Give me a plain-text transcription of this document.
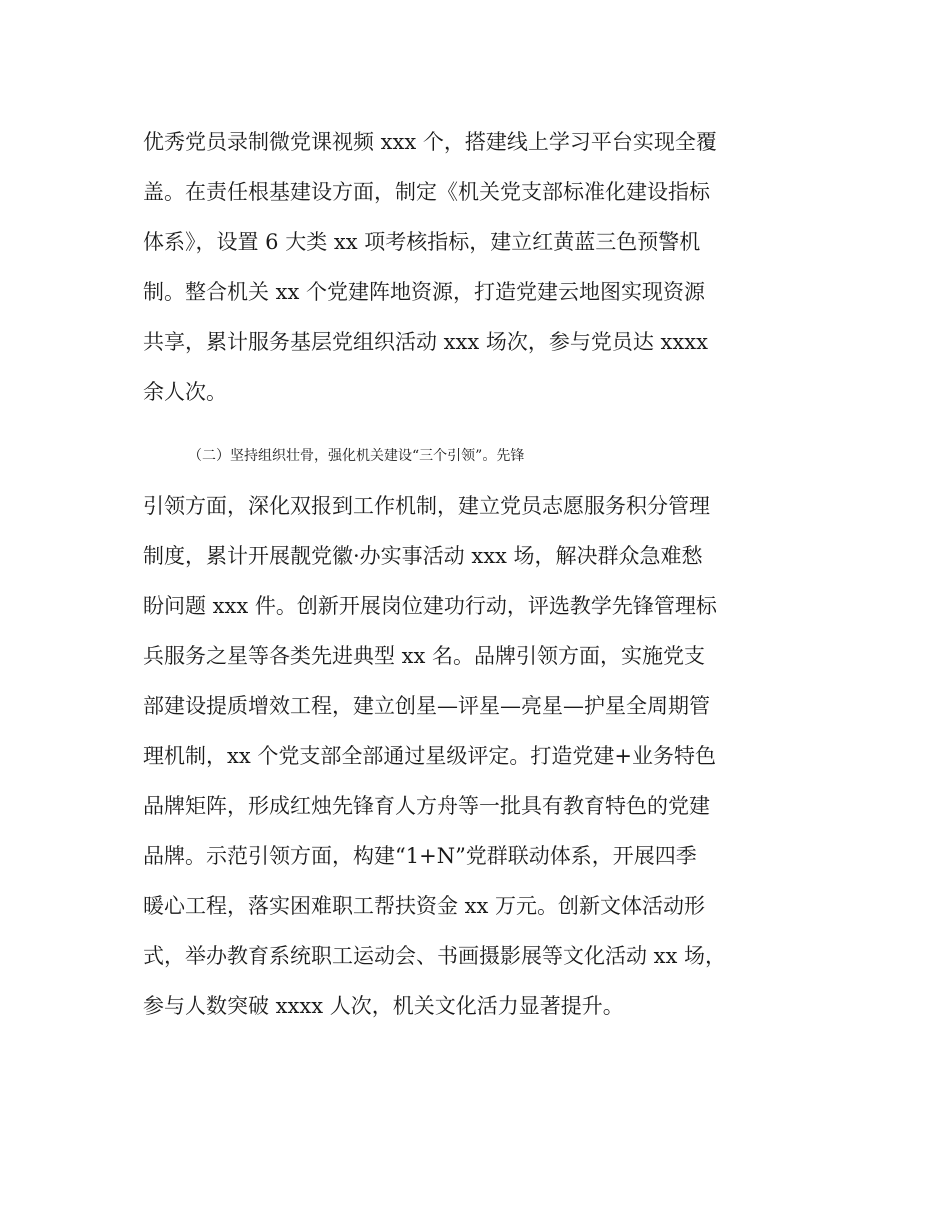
优秀党员录制微党课视频 xxx 个，搭建线上学习平台实现全覆
盖。在责任根基建设方面，制定《机关党支部标准化建设指标
体系》，设置 6 大类 xx 项考核指标，建立红黄蓝三色预警机
制。整合机关 xx 个党建阵地资源，打造党建云地图实现资源
共享，累计服务基层党组织活动 xxx 场次，参与党员达 xxxx
余人次。
（二）坚持组织壮骨，强化机关建设“三个引领”。先锋
引领方面，深化双报到工作机制，建立党员志愿服务积分管理
制度，累计开展靓党徽·办实事活动 xxx 场，解决群众急难愁
盼问题 xxx 件。创新开展岗位建功行动，评选教学先锋管理标
兵服务之星等各类先进典型 xx 名。品牌引领方面，实施党支
部建设提质增效工程，建立创星—评星—亮星—护星全周期管
理机制，xx 个党支部全部通过星级评定。打造党建+业务特色
品牌矩阵，形成红烛先锋育人方舟等一批具有教育特色的党建
品牌。示范引领方面，构建“1+N”党群联动体系，开展四季
暖心工程，落实困难职工帮扶资金 xx 万元。创新文体活动形
式，举办教育系统职工运动会、书画摄影展等文化活动 xx 场，
参与人数突破 xxxx 人次，机关文化活力显著提升。
